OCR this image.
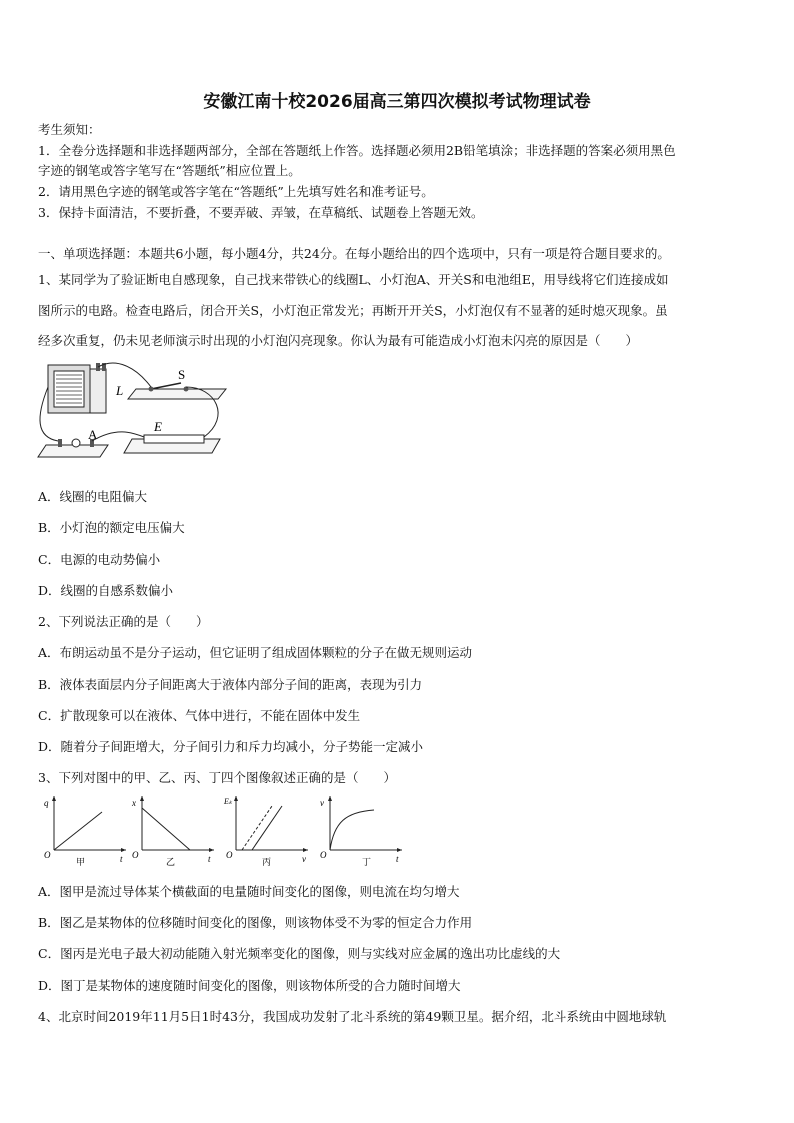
安徽江南十校2026届高三第四次模拟考试物理试卷
考生须知：
1．全卷分选择题和非选择题两部分，全部在答题纸上作答。选择题必须用2B铅笔填涂；非选择题的答案必须用黑色
字迹的钢笔或答字笔写在“答题纸”相应位置上。
2．请用黑色字迹的钢笔或答字笔在“答题纸”上先填写姓名和准考证号。
3．保持卡面清洁，不要折叠，不要弄破、弄皱，在草稿纸、试题卷上答题无效。
一、单项选择题：本题共6小题，每小题4分，共24分。在每小题给出的四个选项中，只有一项是符合题目要求的。
1、某同学为了验证断电自感现象，自己找来带铁心的线圈L、小灯泡A、开关S和电池组E，用导线将它们连接成如
图所示的电路。检查电路后，闭合开关S，小灯泡正常发光；再断开开关S，小灯泡仅有不显著的延时熄灭现象。虽
经多次重复，仍未见老师演示时出现的小灯泡闪亮现象。你认为最有可能造成小灯泡未闪亮的原因是（　　）
L
S
A
E
A．线圈的电阻偏大
B．小灯泡的额定电压偏大
C．电源的电动势偏小
D．线圈的自感系数偏小
2、下列说法正确的是（　　）
A．布朗运动虽不是分子运动，但它证明了组成固体颗粒的分子在做无规则运动
B．液体表面层内分子间距离大于液体内部分子间的距离，表现为引力
C．扩散现象可以在液体、气体中进行，不能在固体中发生
D．随着分子间距增大，分子间引力和斥力均减小，分子势能一定减小
3、下列对图中的甲、乙、丙、丁四个图像叙述正确的是（　　）
q
t
O
甲
x
t
O
乙
Eₖ
ν
O
丙
v
t
O
丁
A．图甲是流过导体某个横截面的电量随时间变化的图像，则电流在均匀增大
B．图乙是某物体的位移随时间变化的图像，则该物体受不为零的恒定合力作用
C．图丙是光电子最大初动能随入射光频率变化的图像，则与实线对应金属的逸出功比虚线的大
D．图丁是某物体的速度随时间变化的图像，则该物体所受的合力随时间增大
4、北京时间2019年11月5日1时43分，我国成功发射了北斗系统的第49颗卫星。据介绍，北斗系统由中圆地球轨
